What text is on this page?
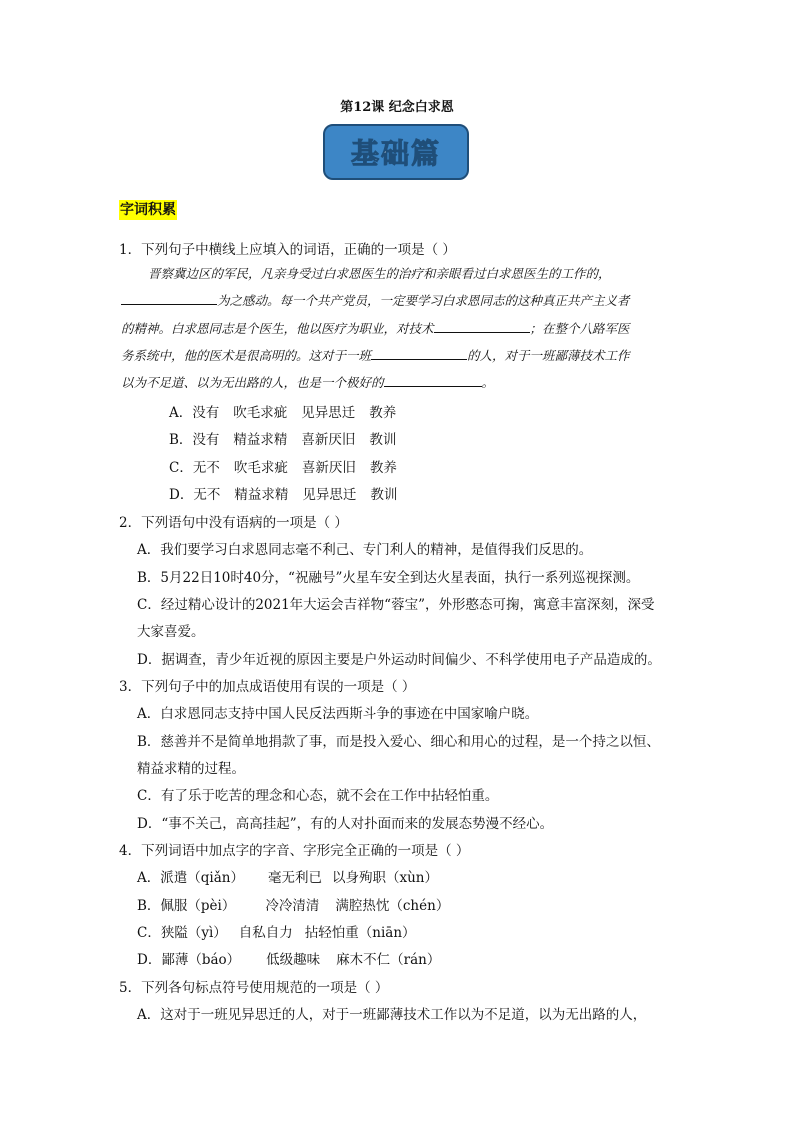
第12课 纪念白求恩
基础篇
字词积累
1．下列句子中横线上应填入的词语，正确的一项是（ ）
晋察冀边区的军民，凡亲身受过白求恩医生的治疗和亲眼看过白求恩医生的工作的，
为之感动。每一个共产党员，一定要学习白求恩同志的这种真正共产主义者
的精神。白求恩同志是个医生，他以医疗为职业，对技术	；在整个八路军医
务系统中，他的医术是很高明的。这对于一班	的人，对于一班鄙薄技术工作
以为不足道、以为无出路的人，也是一个极好的	。
A．没有 吹毛求疵 见异思迁 教养
B．没有 精益求精 喜新厌旧 教训
C．无不 吹毛求疵 喜新厌旧 教养
D．无不 精益求精 见异思迁 教训
2．下列语句中没有语病的一项是（ ）
A．我们要学习白求恩同志毫不利己、专门利人的精神，是值得我们反思的。
B．5月22日10时40分，“祝融号”火星车安全到达火星表面，执行一系列巡视探测。
C．经过精心设计的2021年大运会吉祥物“蓉宝”，外形憨态可掬，寓意丰富深刻，深受
大家喜爱。
D．据调查，青少年近视的原因主要是户外运动时间偏少、不科学使用电子产品造成的。
3．下列句子中的加点成语使用有误的一项是（ ）
A．白求恩同志支持中国人民反法西斯斗争的事迹在中国家喻户晓。
B．慈善并不是简单地捐款了事，而是投入爱心、细心和用心的过程，是一个持之以恒、
精益求精的过程。
C．有了乐于吃苦的理念和心态，就不会在工作中拈轻怕重。
D．“事不关己，高高挂起”，有的人对扑面而来的发展态势漫不经心。
4．下列词语中加点字的字音、字形完全正确的一项是（ ）
A．派遣（qiǎn） 毫无利已 以身殉职（xùn）
B．佩服（pèi） 冷冷清清 满腔热忱（chén）
C．狭隘（yì） 自私自力 拈轻怕重（niān）
D．鄙薄（báo） 低级趣味 麻木不仁（rán）
5．下列各句标点符号使用规范的一项是（ ）
A．这对于一班见异思迁的人，对于一班鄙薄技术工作以为不足道，以为无出路的人，
